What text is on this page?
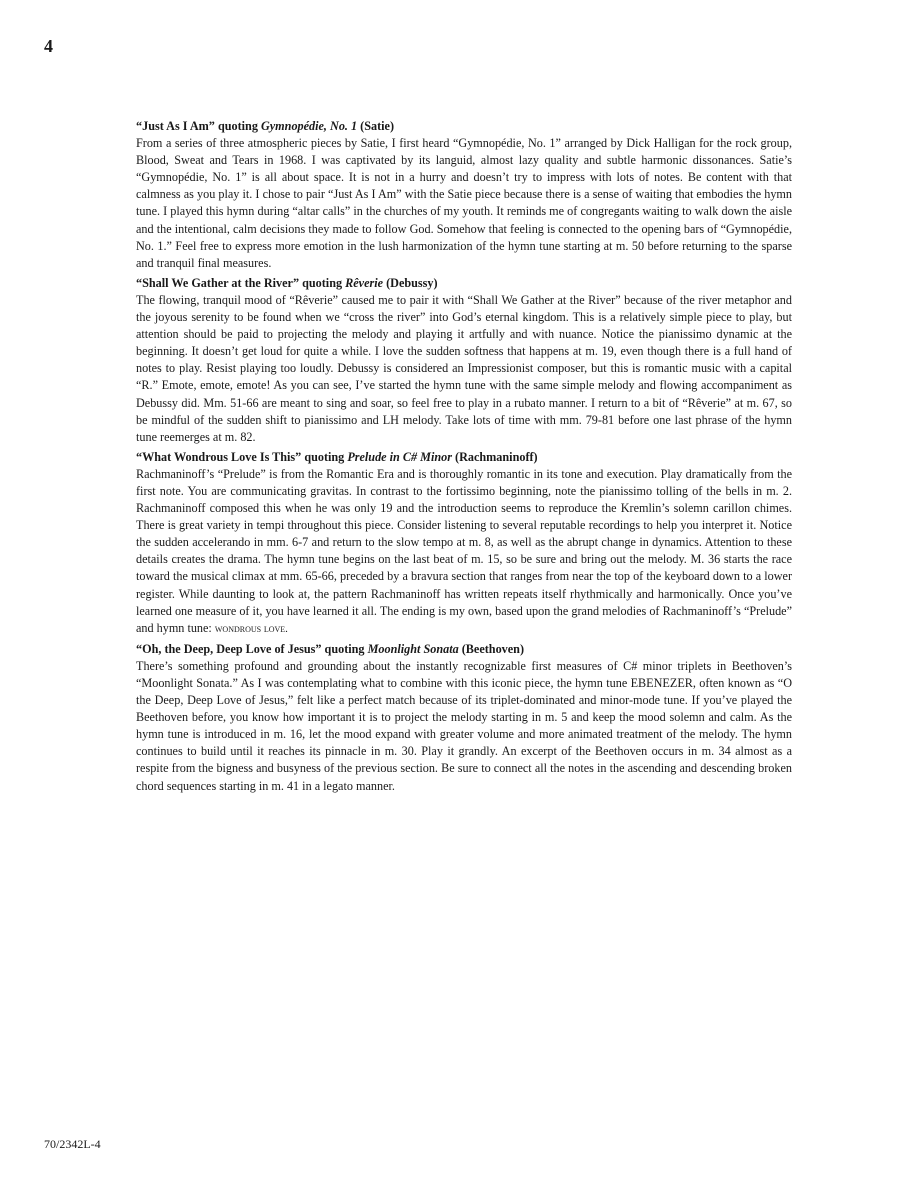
4
“Just As I Am” quoting Gymnopédie, No. 1 (Satie)

From a series of three atmospheric pieces by Satie, I first heard “Gymnopédie, No. 1” arranged by Dick Halligan for the rock group, Blood, Sweat and Tears in 1968. I was captivated by its languid, almost lazy quality and subtle harmonic dissonances. Satie’s “Gymnopédie, No. 1” is all about space. It is not in a hurry and doesn’t try to impress with lots of notes. Be content with that calmness as you play it. I chose to pair “Just As I Am” with the Satie piece because there is a sense of waiting that embodies the hymn tune. I played this hymn during “altar calls” in the churches of my youth. It reminds me of congregants waiting to walk down the aisle and the intentional, calm decisions they made to follow God. Somehow that feeling is connected to the opening bars of “Gymnopédie, No. 1.” Feel free to express more emotion in the lush harmonization of the hymn tune starting at m. 50 before returning to the sparse and tranquil final measures.

“Shall We Gather at the River” quoting Rêverie (Debussy)

The flowing, tranquil mood of “Rêverie” caused me to pair it with “Shall We Gather at the River” because of the river metaphor and the joyous serenity to be found when we “cross the river” into God’s eternal kingdom. This is a relatively simple piece to play, but attention should be paid to projecting the melody and playing it artfully and with nuance. Notice the pianissimo dynamic at the beginning. It doesn’t get loud for quite a while. I love the sudden softness that happens at m. 19, even though there is a full hand of notes to play. Resist playing too loudly. Debussy is considered an Impressionist composer, but this is romantic music with a capital “R.” Emote, emote, emote! As you can see, I’ve started the hymn tune with the same simple melody and flowing accompaniment as Debussy did. Mm. 51-66 are meant to sing and soar, so feel free to play in a rubato manner. I return to a bit of “Rêverie” at m. 67, so be mindful of the sudden shift to pianissimo and LH melody. Take lots of time with mm. 79-81 before one last phrase of the hymn tune reemerges at m. 82.

“What Wondrous Love Is This” quoting Prelude in C# Minor (Rachmaninoff)

Rachmaninoff’s “Prelude” is from the Romantic Era and is thoroughly romantic in its tone and execution. Play dramatically from the first note. You are communicating gravitas. In contrast to the fortissimo beginning, note the pianissimo tolling of the bells in m. 2. Rachmaninoff composed this when he was only 19 and the introduction seems to reproduce the Kremlin’s solemn carillon chimes. There is great variety in tempi throughout this piece. Consider listening to several reputable recordings to help you interpret it. Notice the sudden accelerando in mm. 6-7 and return to the slow tempo at m. 8, as well as the abrupt change in dynamics. Attention to these details creates the drama. The hymn tune begins on the last beat of m. 15, so be sure and bring out the melody. M. 36 starts the race toward the musical climax at mm. 65-66, preceded by a bravura section that ranges from near the top of the keyboard down to a lower register. While daunting to look at, the pattern Rachmaninoff has written repeats itself rhythmically and harmonically. Once you’ve learned one measure of it, you have learned it all. The ending is my own, based upon the grand melodies of Rachmaninoff’s “Prelude” and hymn tune: wondrous love.

“Oh, the Deep, Deep Love of Jesus” quoting Moonlight Sonata (Beethoven)

There’s something profound and grounding about the instantly recognizable first measures of C# minor triplets in Beethoven’s “Moonlight Sonata.” As I was contemplating what to combine with this iconic piece, the hymn tune EBENEZER, often known as “O the Deep, Deep Love of Jesus,” felt like a perfect match because of its triplet-dominated and minor-mode tune. If you’ve played the Beethoven before, you know how important it is to project the melody starting in m. 5 and keep the mood solemn and calm. As the hymn tune is introduced in m. 16, let the mood expand with greater volume and more animated treatment of the melody. The hymn continues to build until it reaches its pinnacle in m. 30. Play it grandly. An excerpt of the Beethoven occurs in m. 34 almost as a respite from the bigness and busyness of the previous section. Be sure to connect all the notes in the ascending and descending broken chord sequences starting in m. 41 in a legato manner.

70/2342L-4
